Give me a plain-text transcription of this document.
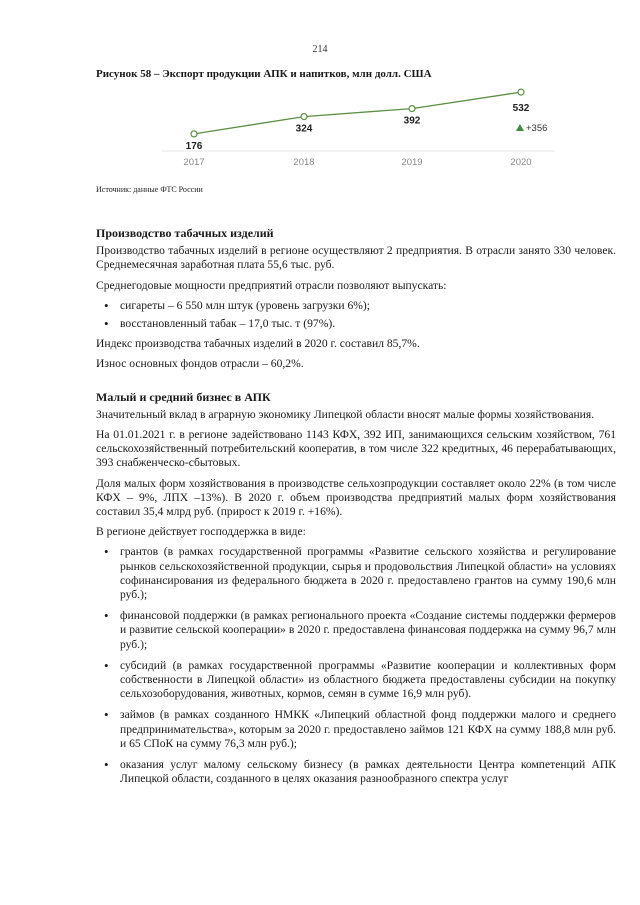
214
Рисунок 58 – Экспорт продукции АПК и напитков, млн долл. США
176
2017
324
2018
392
2019
532
2020
+356
Источник: данные ФТС России
Производство табачных изделий

Производство табачных изделий в регионе осуществляют 2 предприятия. В отрасли занято 330 человек. Среднемесячная заработная плата 55,6 тыс. руб.

Среднегодовые мощности предприятий отрасли позволяют выпускать:

• сигареты – 6 550 млн штук (уровень загрузки 6%);
• восстановленный табак – 17,0 тыс. т (97%).

Индекс производства табачных изделий в 2020 г. составил 85,7%.

Износ основных фондов отрасли – 60,2%.

Малый и средний бизнес в АПК

Значительный вклад в аграрную экономику Липецкой области вносят малые формы хозяйствования.

На 01.01.2021 г. в регионе задействовано 1143 КФХ, 392 ИП, занимающихся сельским хозяйством, 761 сельскохозяйственный потребительский кооператив, в том числе 322 кредитных, 46 перерабатывающих, 393 снабженческо-сбытовых.

Доля малых форм хозяйствования в производстве сельхозпродукции составляет около 22% (в том числе КФХ – 9%, ЛПХ –13%). В 2020 г. объем производства предприятий малых форм хозяйствования составил 35,4 млрд руб. (прирост к 2019 г. +16%).

В регионе действует господдержка в виде:

• грантов (в рамках государственной программы «Развитие сельского хозяйства и регулирование рынков сельскохозяйственной продукции, сырья и продовольствия Липецкой области» на условиях софинансирования из федерального бюджета в 2020 г. предоставлено грантов на сумму 190,6 млн руб.);
• финансовой поддержки (в рамках регионального проекта «Создание системы поддержки фермеров и развитие сельской кооперации» в 2020 г. предоставлена финансовая поддержка на сумму 96,7 млн руб.);
• субсидий (в рамках государственной программы «Развитие кооперации и коллективных форм собственности в Липецкой области» из областного бюджета предоставлены субсидии на покупку сельхозоборудования, животных, кормов, семян в сумме 16,9 млн руб).
• займов (в рамках созданного НМКК «Липецкий областной фонд поддержки малого и среднего предпринимательства», которым за 2020 г. предоставлено займов 121 КФХ на сумму 188,8 млн руб. и 65 СПоК на сумму 76,3 млн руб.);
• оказания услуг малому сельскому бизнесу (в рамках деятельности Центра компетенций АПК Липецкой области, созданного в целях оказания разнообразного спектра услуг
